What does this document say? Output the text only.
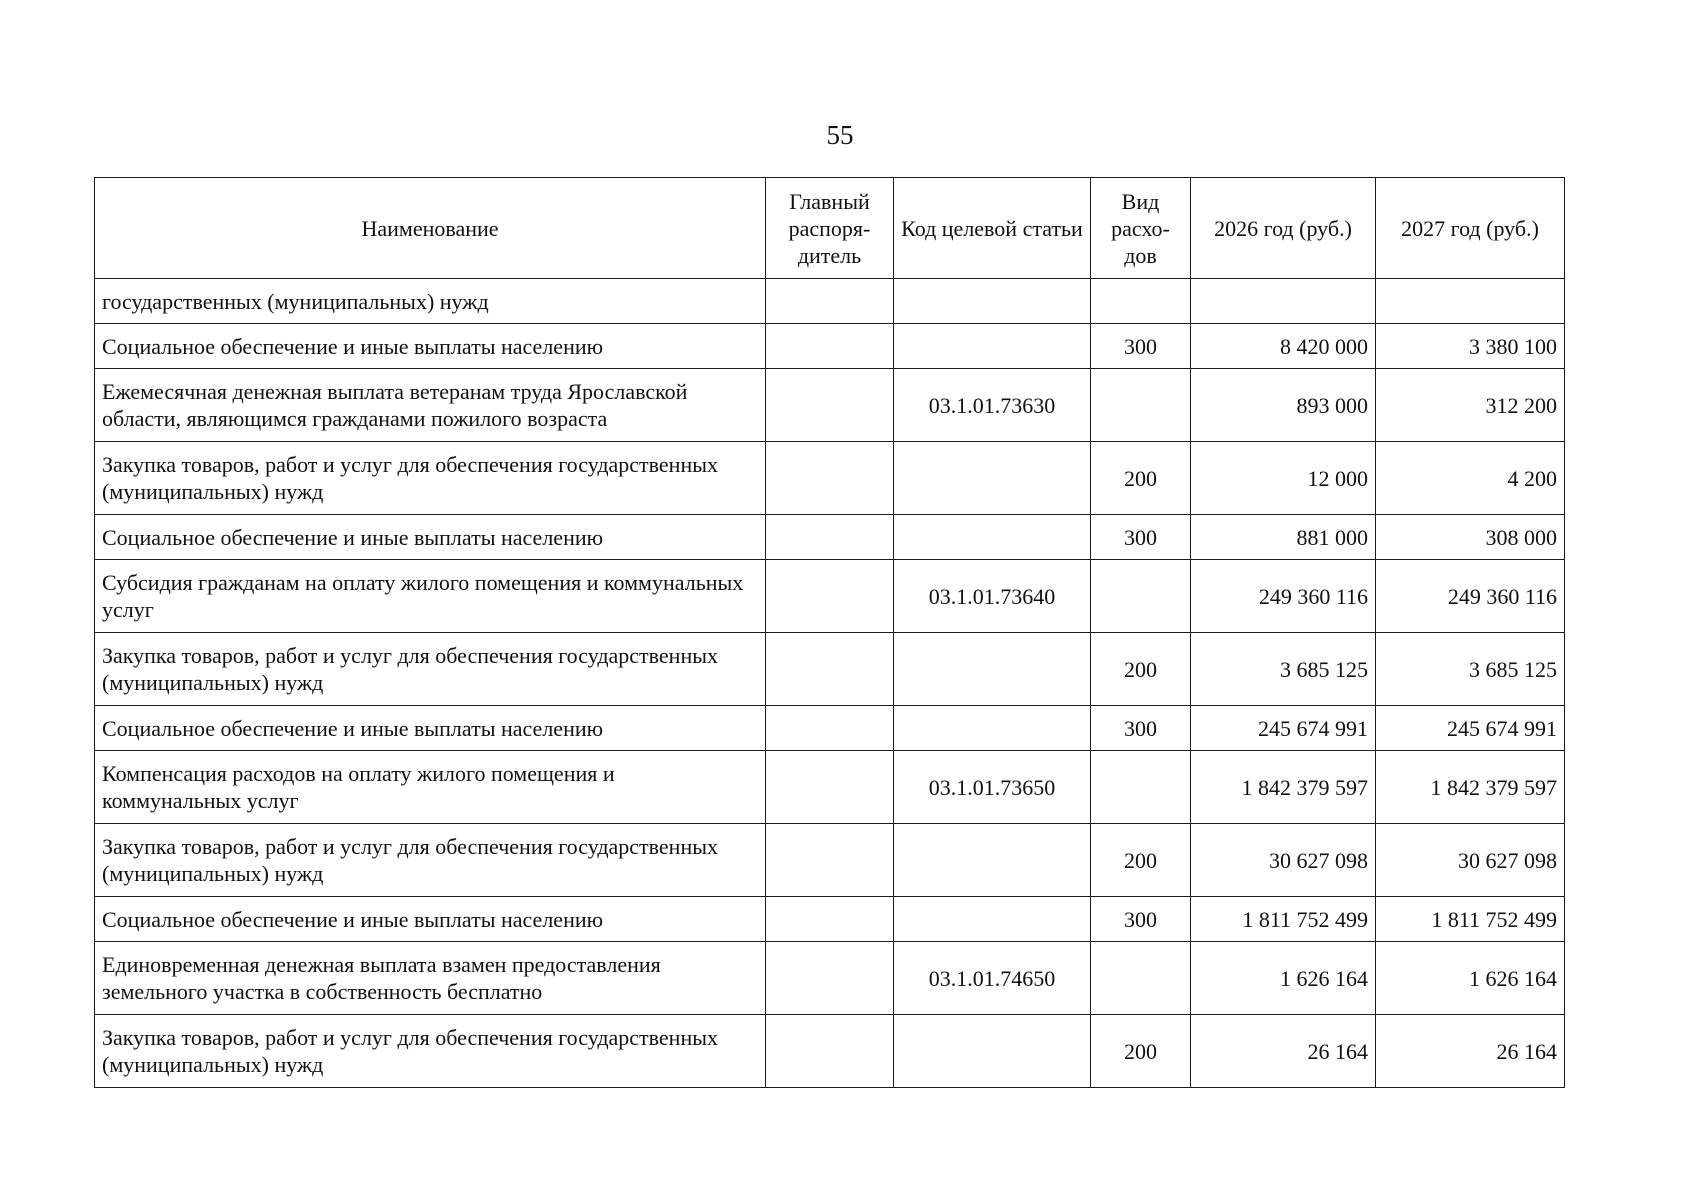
55
Наименование	Главный распоря-дитель	Код целевой статьи	Вид расхо-дов	2026 год (руб.)	2027 год (руб.)
государственных (муниципальных) нужд					
Социальное обеспечение и иные выплаты населению			300	8 420 000	3 380 100
Ежемесячная денежная выплата ветеранам труда Ярославской области, являющимся гражданами пожилого возраста		03.1.01.73630		893 000	312 200
Закупка товаров, работ и услуг для обеспечения государственных (муниципальных) нужд			200	12 000	4 200
Социальное обеспечение и иные выплаты населению			300	881 000	308 000
Субсидия гражданам на оплату жилого помещения и коммунальных услуг		03.1.01.73640		249 360 116	249 360 116
Закупка товаров, работ и услуг для обеспечения государственных (муниципальных) нужд			200	3 685 125	3 685 125
Социальное обеспечение и иные выплаты населению			300	245 674 991	245 674 991
Компенсация расходов на оплату жилого помещения и коммунальных услуг		03.1.01.73650		1 842 379 597	1 842 379 597
Закупка товаров, работ и услуг для обеспечения государственных (муниципальных) нужд			200	30 627 098	30 627 098
Социальное обеспечение и иные выплаты населению			300	1 811 752 499	1 811 752 499
Единовременная денежная выплата взамен предоставления земельного участка в собственность бесплатно		03.1.01.74650		1 626 164	1 626 164
Закупка товаров, работ и услуг для обеспечения государственных (муниципальных) нужд			200	26 164	26 164
